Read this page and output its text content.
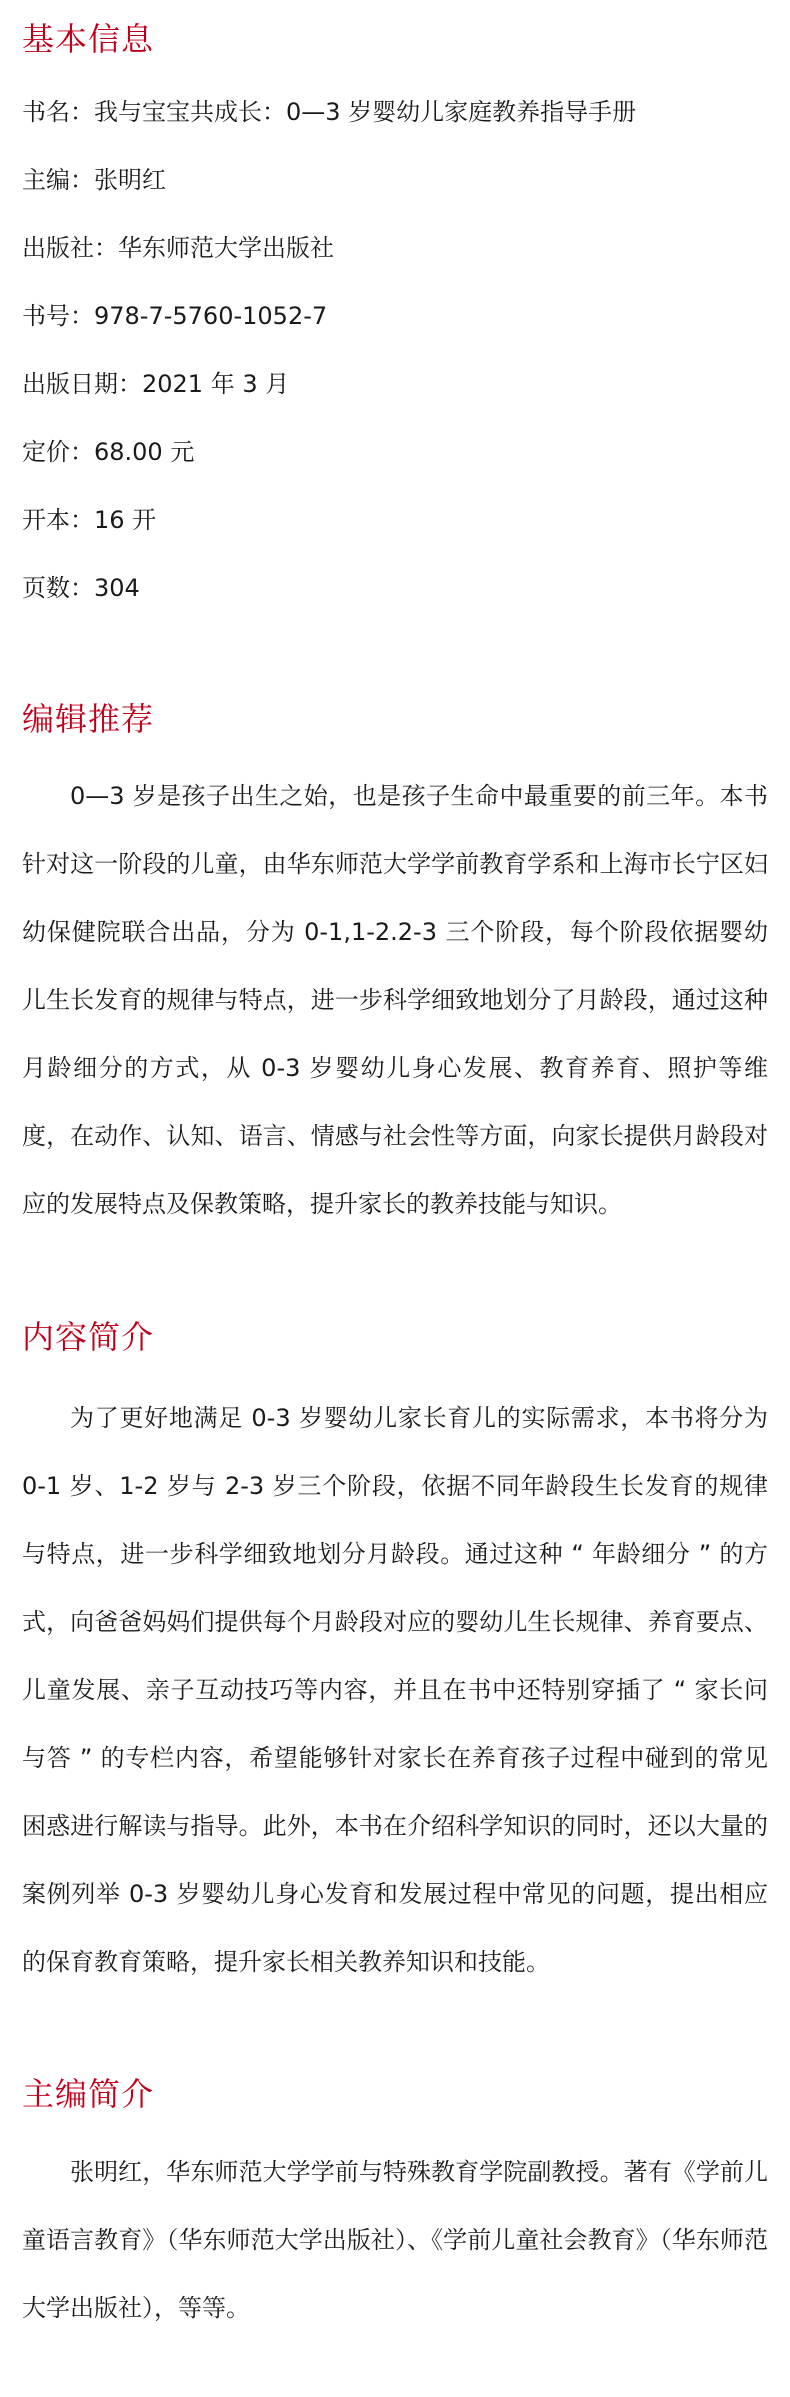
基本信息
书名：我与宝宝共成长：0—3 岁婴幼儿家庭教养指导手册
主编：张明红
出版社：华东师范大学出版社
书号：978-7-5760-1052-7
出版日期：2021 年 3 月
定价：68.00 元
开本：16 开
页数：304
编辑推荐

0—3 岁是孩子出生之始，也是孩子生命中最重要的前三年。本书针对这一阶段的儿童，由华东师范大学学前教育学系和上海市长宁区妇幼保健院联合出品，分为 0-1,1-2.2-3 三个阶段，每个阶段依据婴幼儿生长发育的规律与特点，进一步科学细致地划分了月龄段，通过这种月龄细分的方式，从 0-3 岁婴幼儿身心发展、教育养育、照护等维度，在动作、认知、语言、情感与社会性等方面，向家长提供月龄段对应的发展特点及保教策略，提升家长的教养技能与知识。

内容简介

为了更好地满足 0-3 岁婴幼儿家长育儿的实际需求，本书将分为 0-1 岁、1-2 岁与 2-3 岁三个阶段，依据不同年龄段生长发育的规律与特点，进一步科学细致地划分月龄段。通过这种 “ 年龄细分 ” 的方式，向爸爸妈妈们提供每个月龄段对应的婴幼儿生长规律、养育要点、儿童发展、亲子互动技巧等内容，并且在书中还特别穿插了 “ 家长问与答 ” 的专栏内容，希望能够针对家长在养育孩子过程中碰到的常见困惑进行解读与指导。此外，本书在介绍科学知识的同时，还以大量的案例列举 0-3 岁婴幼儿身心发育和发展过程中常见的问题，提出相应的保育教育策略，提升家长相关教养知识和技能。

主编简介

张明红，华东师范大学学前与特殊教育学院副教授。著有《学前儿童语言教育》（华东师范大学出版社）、《学前儿童社会教育》（华东师范大学出版社），等等。
